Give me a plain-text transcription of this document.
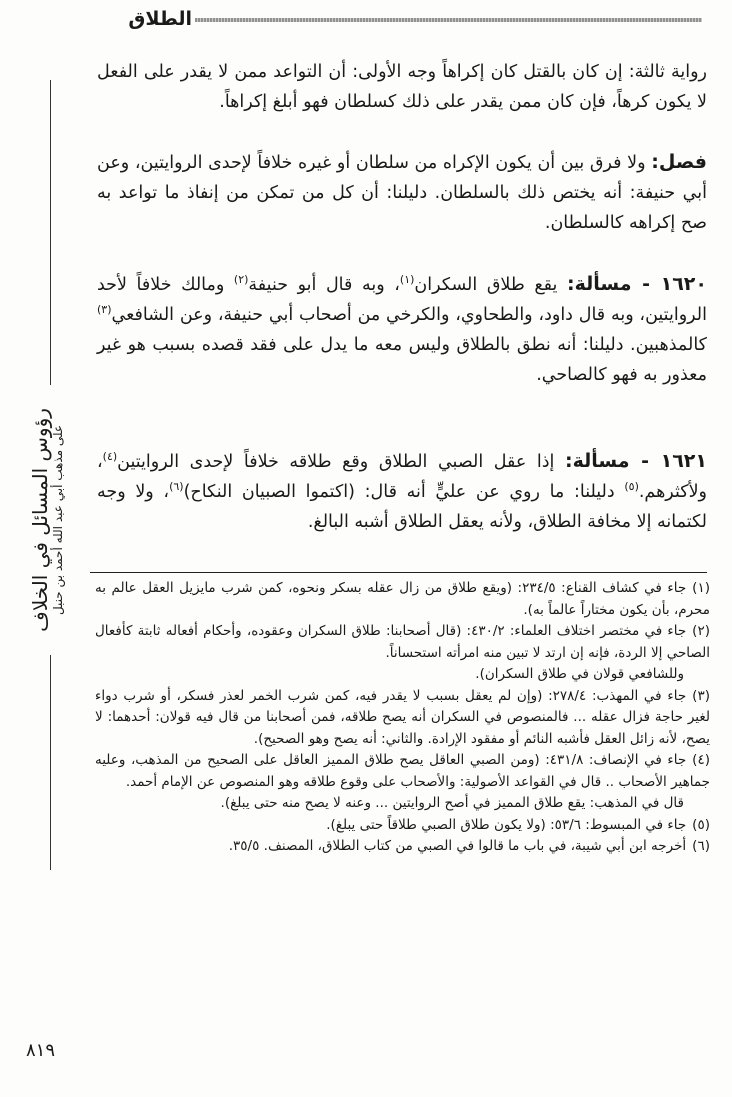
الطلاق
رؤوس المسائل في الخلاف على مذهب أبي عبد الله أحمد بن حنبل
رواية ثالثة: إن كان بالقتل كان إكراهاً وجه الأولى: أن التواعد ممن لا يقدر على الفعل لا يكون كرهاً، فإن كان ممن يقدر على ذلك كسلطان فهو أبلغ إكراهاً.
فصل: ولا فرق بين أن يكون الإكراه من سلطان أو غيره خلافاً لإحدى الروايتين، وعن أبي حنيفة: أنه يختص ذلك بالسلطان. دليلنا: أن كل من تمكن من إنفاذ ما تواعد به صح إكراهه كالسلطان.
١٦٢٠ - مسألة: يقع طلاق السكران$^{(١)}$، وبه قال أبو حنيفة$^{(٢)}$ ومالك خلافاً لأحد الروايتين، وبه قال داود، والطحاوي، والكرخي من أصحاب أبي حنيفة، وعن الشافعي$^{(٣)}$ كالمذهبين. دليلنا: أنه نطق بالطلاق وليس معه ما يدل على فقد قصده بسبب هو غير معذور به فهو كالصاحي.
١٦٢١ - مسألة: إذا عقل الصبي الطلاق وقع طلاقه خلافاً لإحدى الروايتين$^{(٤)}$، ولأكثرهم.$^{(٥)}$ دليلنا: ما روي عن عليٍّ أنه قال: (اكتموا الصبيان النكاح)$^{(٦)}$، ولا وجه لكتمانه إلا مخافة الطلاق، ولأنه يعقل الطلاق أشبه البالغ.

(١)جاء في كشاف القناع: ٢٣٤/٥: (ويقع طلاق من زال عقله بسكر ونحوه، كمن شرب مايزيل العقل عالم به محرم، بأن يكون مختاراً عالماً به).

(٢)جاء في مختصر اختلاف العلماء: ٤٣٠/٢: (قال أصحابنا: طلاق السكران وعقوده، وأحكام أفعاله ثابتة كأفعال الصاحي إلا الردة، فإنه إن ارتد لا تبين منه امرأته استحساناً.
وللشافعي قولان في طلاق السكران).

(٣)جاء في المهذب: ٢٧٨/٤: (وإن لم يعقل بسبب لا يقدر فيه، كمن شرب الخمر لعذر فسكر، أو شرب دواء لغير حاجة فزال عقله ... فالمنصوص في السكران أنه يصح طلاقه، فمن أصحابنا من قال فيه قولان: أحدهما: لا يصح، لأنه زائل العقل فأشبه النائم أو مفقود الإرادة. والثاني: أنه يصح وهو الصحيح).

(٤)جاء في الإنصاف: ٤٣١/٨: (ومن الصبي العاقل يصح طلاق المميز العاقل على الصحيح من المذهب، وعليه جماهير الأصحاب .. قال في القواعد الأصولية: والأصحاب على وقوع طلاقه وهو المنصوص عن الإمام أحمد.
قال في المذهب: يقع طلاق المميز في أصح الروايتين ... وعنه لا يصح منه حتى يبلغ).

(٥)جاء في المبسوط: ٥٣/٦: (ولا يكون طلاق الصبي طلاقاً حتى يبلغ).

(٦)أخرجه ابن أبي شيبة، في باب ما قالوا في الصبي من كتاب الطلاق، المصنف. ٣٥/٥.

٨١٩
